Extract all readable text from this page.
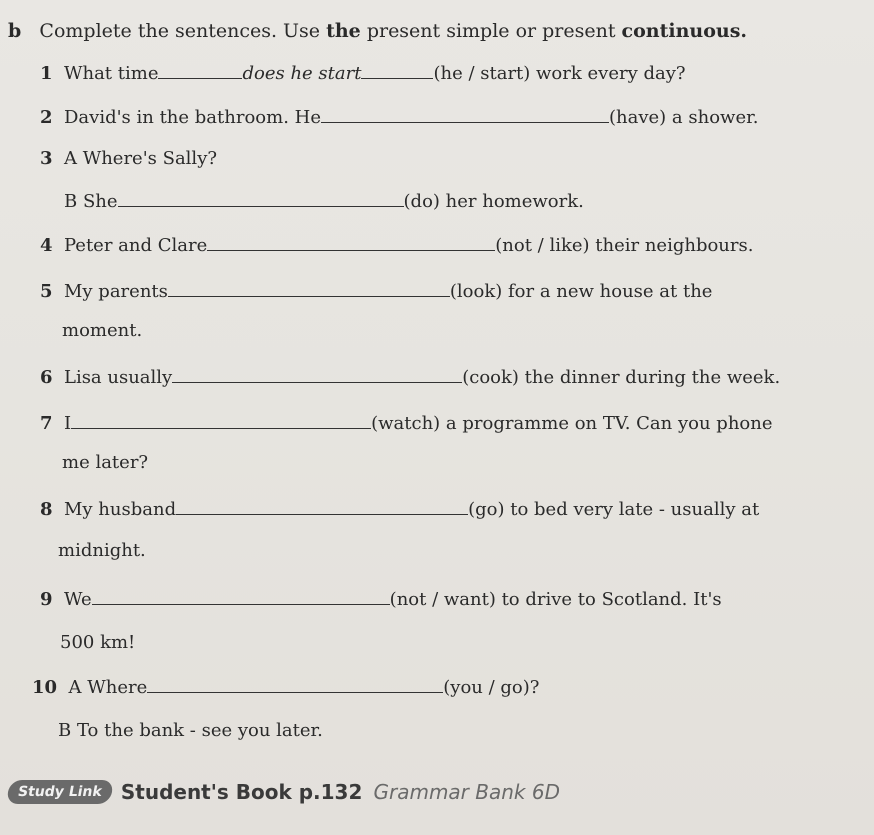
b Complete the sentences. Use the present simple or present continuous.
1 What time	does he start	(he / start) work every day?
2 David's in the bathroom. He	(have) a shower.
3 A Where's Sally?
B She	(do) her homework.
4 Peter and Clare	(not / like) their neighbours.
5 My parents	(look) for a new house at the
moment.
6 Lisa usually	(cook) the dinner during the week.
7 I	(watch) a programme on TV. Can you phone
me later?
8 My husband	(go) to bed very late - usually at
midnight.
9 We	(not / want) to drive to Scotland. It's
500 km!
10 A Where	(you / go)?
B To the bank - see you later.
Study Link Student's Book p.132 Grammar Bank 6D
